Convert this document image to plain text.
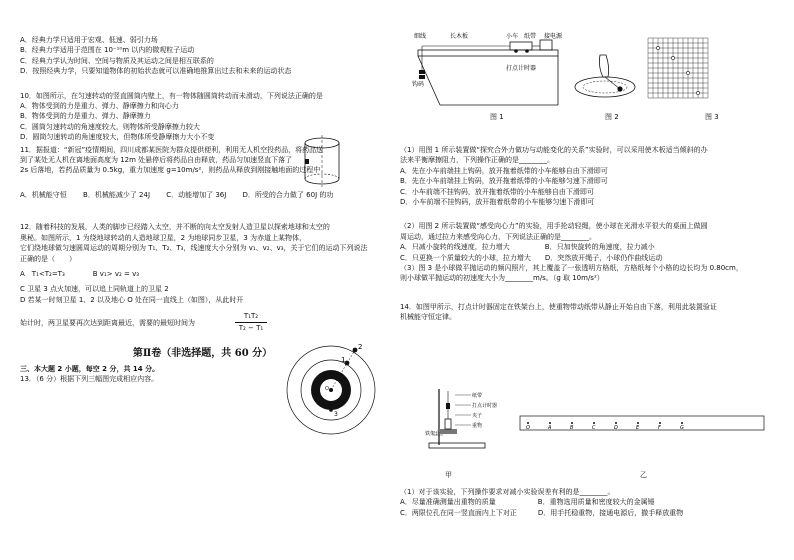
A．经典力学只适用于宏观、低速、弱引力场
B．经典力学适用于范围在 10⁻¹⁰m 以内的微观粒子运动
C．经典力学认为时间、空间与物质及其运动之间是相互联系的
D．按照经典力学，只要知道物体的初始状态就可以准确地推算出过去和未来的运动状态
10．如图所示，在匀速转动的竖直圆筒内壁上，有一物体随圆筒转动而未滑动，下列说法正确的是
A．物体受到的力是重力、弹力、静摩擦力和向心力
B．物体受到的力是重力、弹力、静摩擦力
C．圆筒匀速转动的角速度较大，则物体所受静摩擦力较大
D．圆筒匀速转动的角速度较大，但物体所受静摩擦力大小不变
11．据报道：“新冠”疫情期间，四川成都某医院为群众提供便利，利用无人机空投药品，将药品送
到了某处无人机在离地面高度为 12m 处悬停后将药品自由释放，药品匀加速竖直下落了
2s 后落地，若药品质量为 0.5kg，重力加速度 g=10m/s²，则药品从释放到刚接触地面的过程中
A．机械能守恒　　 B．机械能减少了 24J　　 C．动能增加了 36J　　 D．所受的合力做了 60J 的功
12．随着科技的发展，人类的脚步已经踏入太空，并不断的向太空发射人造卫星以探索地球和太空的
奥秘。如图所示，1 为绕地球转动的人造地球卫星，2 为地球同步卫星，3 为赤道上某物体，
它们绕地球做匀速圆周运动的周期分别为 T₁、T₂、T₃，线速度大小分别为 v₁、v₂、v₃，关于它们的运动下列说法
正确的是（　　）
A　T₁<T₂=T₃　　　　B v₁> v₂ = v₃
C 卫星 3 点火加速，可以追上同轨道上的卫星 2
D 若某一时刻卫星 1、2 以及地心 O 处在同一直线上（如图），从此时开
始计时，两卫星要再次达到距离最近，需要的最短时间为
T₁T₂
T₂ − T₁
第Ⅱ卷（非选择题，共 60 分）
三、本大题 2 小题，每空 2 分，共 14 分。
13．（6 分）根据下列三幅图完成相应内容。
1
2
3
O
细线	长木板	小车 纸带 接电源
打点计时器
钩码
图 1	图 2	图 3
（1）用图 1 所示装置做“探究合外力做功与动能变化的关系”实验时，可以采用使木板适当倾斜的办
法来平衡摩擦阻力，下列操作正确的是________。
A．先在小车前端挂上钩码，放开拖着纸带的小车能够自由下滑即可
B．先在小车前端挂上钩码，放开拖着纸带的小车能够匀速下滑即可
C．小车前端不挂钩码，放开拖着纸带的小车能够自由下滑即可
D．小车前端不挂钩码，放开拖着纸带的小车能够匀速下滑即可
（2）用图 2 所示装置做“感受向心力”的实验，用手抡动轻绳，使小球在光滑水平很大的桌面上做圆
周运动，通过拉力来感受向心力，下列说法正确的是________。
A．只减小旋转的线速度，拉力增大　　　　　B．只加快旋转的角速度，拉力减小
C．只更换一个质量较大的小球，拉力增大　　D．突然放开绳子，小球仍作曲线运动
（3）图 3 是小球做平抛运动的频闪照片，其上覆盖了一张透明方格纸，方格纸每个小格的边长均为 0.80cm，
则小球做平抛运动的初速度大小为________m/s。（g 取 10m/s²）
14．如图甲所示，打点计时器固定在铁架台上，使重物带动纸带从静止开始自由下落，利用此装置验证
机械能守恒定律。
铁架台
纸带
打点计时器
夹子
重物
甲
O	A	B	C	D	E	F	G
乙
（1）对于该实验，下列操作要求对减小实验误差有利的是________。
A．尽量准确测量出重物的质量　　　　　　B．重物选用质量和密度较大的金属锤
C．两限位孔在同一竖直面内上下对正　　　D．用手托稳重物，接通电源后，撤手释放重物
